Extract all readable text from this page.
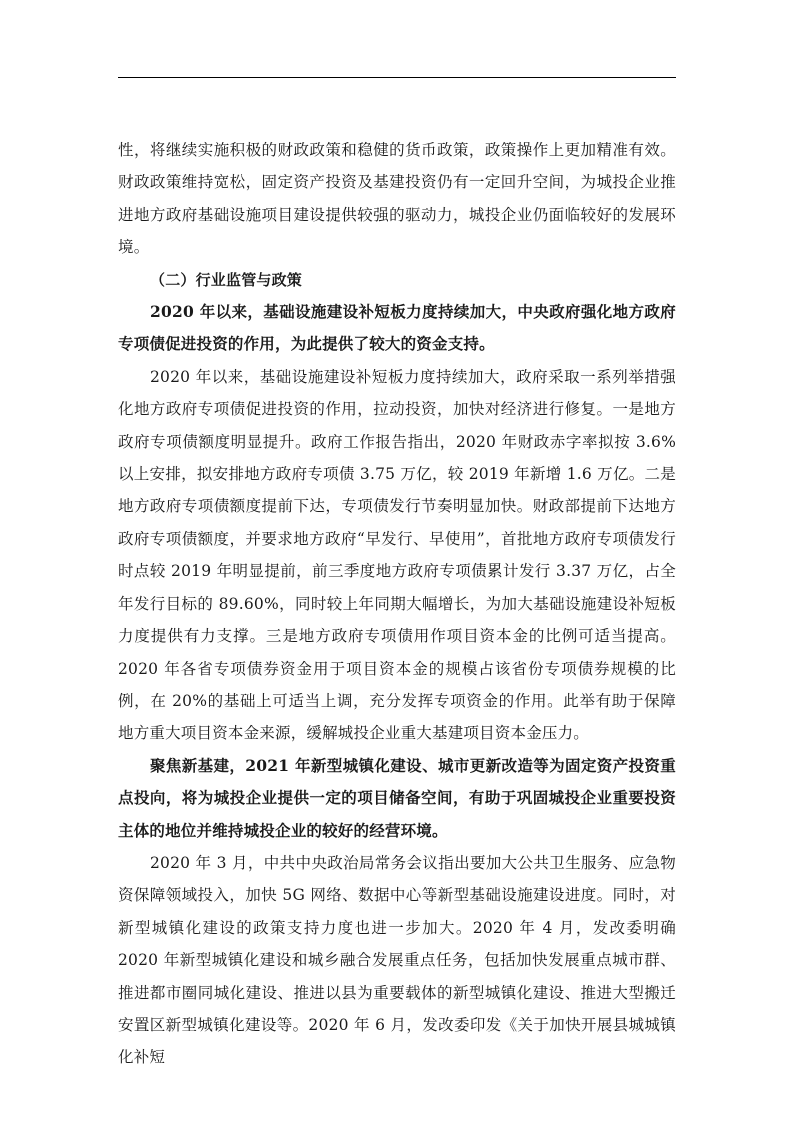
性，将继续实施积极的财政政策和稳健的货币政策，政策操作上更加精准有效。财政政策维持宽松，固定资产投资及基建投资仍有一定回升空间，为城投企业推进地方政府基础设施项目建设提供较强的驱动力，城投企业仍面临较好的发展环境。

（二）行业监管与政策

2020 年以来，基础设施建设补短板力度持续加大，中央政府强化地方政府专项债促进投资的作用，为此提供了较大的资金支持。

2020 年以来，基础设施建设补短板力度持续加大，政府采取一系列举措强化地方政府专项债促进投资的作用，拉动投资，加快对经济进行修复。一是地方政府专项债额度明显提升。政府工作报告指出，2020 年财政赤字率拟按 3.6%以上安排，拟安排地方政府专项债 3.75 万亿，较 2019 年新增 1.6 万亿。二是地方政府专项债额度提前下达，专项债发行节奏明显加快。财政部提前下达地方政府专项债额度，并要求地方政府“早发行、早使用”，首批地方政府专项债发行时点较 2019 年明显提前，前三季度地方政府专项债累计发行 3.37 万亿，占全年发行目标的 89.60%，同时较上年同期大幅增长，为加大基础设施建设补短板力度提供有力支撑。三是地方政府专项债用作项目资本金的比例可适当提高。2020 年各省专项债券资金用于项目资本金的规模占该省份专项债券规模的比例，在 20%的基础上可适当上调，充分发挥专项资金的作用。此举有助于保障地方重大项目资本金来源，缓解城投企业重大基建项目资本金压力。

聚焦新基建，2021 年新型城镇化建设、城市更新改造等为固定资产投资重点投向，将为城投企业提供一定的项目储备空间，有助于巩固城投企业重要投资主体的地位并维持城投企业的较好的经营环境。

2020 年 3 月，中共中央政治局常务会议指出要加大公共卫生服务、应急物资保障领域投入，加快 5G 网络、数据中心等新型基础设施建设进度。同时，对新型城镇化建设的政策支持力度也进一步加大。2020 年 4 月，发改委明确 2020 年新型城镇化建设和城乡融合发展重点任务，包括加快发展重点城市群、推进都市圈同城化建设、推进以县为重要载体的新型城镇化建设、推进大型搬迁安置区新型城镇化建设等。2020 年 6 月，发改委印发《关于加快开展县城城镇化补短
